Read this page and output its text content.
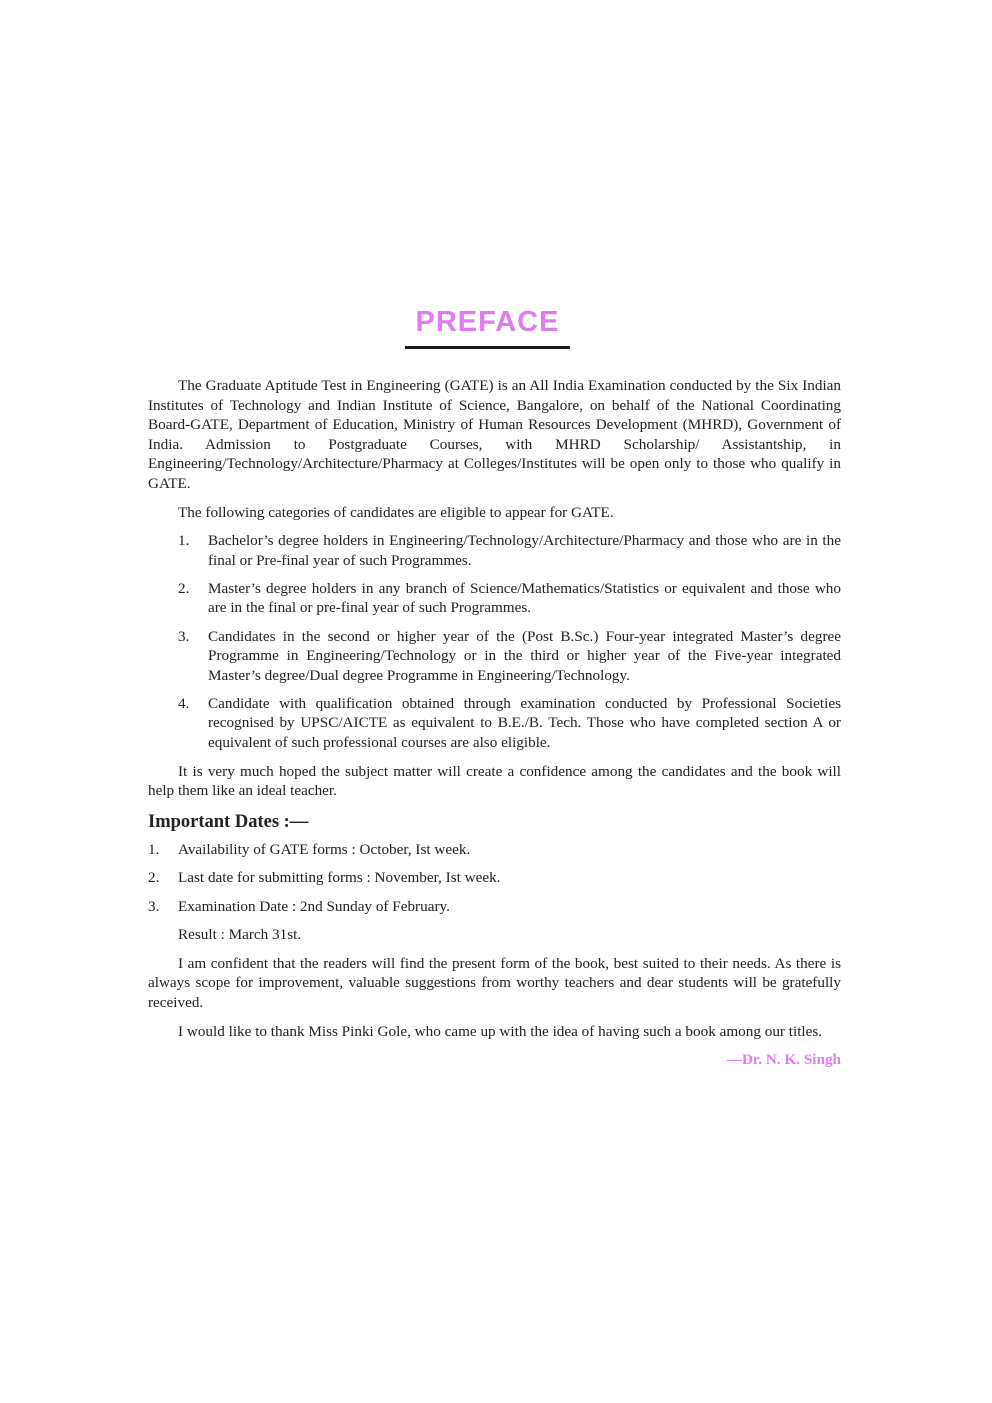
PREFACE

The Graduate Aptitude Test in Engineering (GATE) is an All India Examination conducted by the Six Indian Institutes of Technology and Indian Institute of Science, Bangalore, on behalf of the National Coordinating Board-GATE, Department of Education, Ministry of Human Resources Development (MHRD), Government of India. Admission to Postgraduate Courses, with MHRD Scholarship/ Assistantship, in Engineering/Technology/Architecture/Pharmacy at Colleges/Institutes will be open only to those who qualify in GATE.

The following categories of candidates are eligible to appear for GATE.

1.	Bachelor’s degree holders in Engineering/Technology/Architecture/Pharmacy and those who are in the final or Pre-final year of such Programmes.
2.	Master’s degree holders in any branch of Science/Mathematics/Statistics or equivalent and those who are in the final or pre-final year of such Programmes.
3.	Candidates in the second or higher year of the (Post B.Sc.) Four-year integrated Master’s degree Programme in Engineering/Technology or in the third or higher year of the Five-year integrated Master’s degree/Dual degree Programme in Engineering/Technology.
4.	Candidate with qualification obtained through examination conducted by Professional Societies recognised by UPSC/AICTE as equivalent to B.E./B. Tech. Those who have completed section A or equivalent of such professional courses are also eligible.

It is very much hoped the subject matter will create a confidence among the candidates and the book will help them like an ideal teacher.

Important Dates :—
1.	Availability of GATE forms : October, Ist week.
2.	Last date for submitting forms : November, Ist week.
3.	Examination Date : 2nd Sunday of February.

Result : March 31st.

I am confident that the readers will find the present form of the book, best suited to their needs. As there is always scope for improvement, valuable suggestions from worthy teachers and dear students will be gratefully received.

I would like to thank Miss Pinki Gole, who came up with the idea of having such a book among our titles.

—Dr. N. K. Singh
